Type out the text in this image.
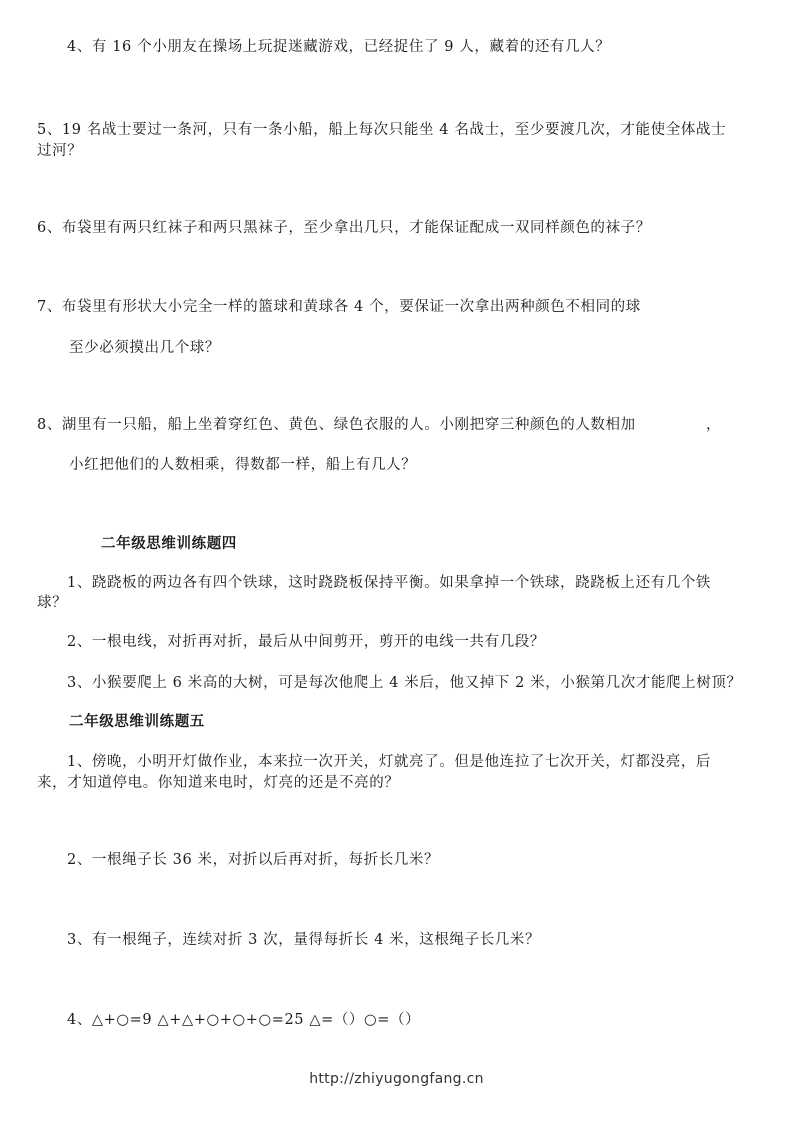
4、有 16 个小朋友在操场上玩捉迷藏游戏，已经捉住了 9 人，藏着的还有几人？
5、19 名战士要过一条河，只有一条小船，船上每次只能坐 4 名战士，至少要渡几次，才能使全体战士
过河？
6、布袋里有两只红袜子和两只黑袜子，至少拿出几只，才能保证配成一双同样颜色的袜子？
7、布袋里有形状大小完全一样的篮球和黄球各 4 个，要保证一次拿出两种颜色不相同的球
至少必须摸出几个球？
8、湖里有一只船，船上坐着穿红色、黄色、绿色衣服的人。小刚把穿三种颜色的人数相加	，
小红把他们的人数相乘，得数都一样，船上有几人？
二年级思维训练题四
1、跷跷板的两边各有四个铁球，这时跷跷板保持平衡。如果拿掉一个铁球，跷跷板上还有几个铁
球？
2、一根电线，对折再对折，最后从中间剪开，剪开的电线一共有几段？
3、小猴要爬上 6 米高的大树，可是每次他爬上 4 米后，他又掉下 2 米，小猴第几次才能爬上树顶？
二年级思维训练题五
1、傍晚，小明开灯做作业，本来拉一次开关，灯就亮了。但是他连拉了七次开关，灯都没亮，后
来，才知道停电。你知道来电时，灯亮的还是不亮的？
2、一根绳子长 36 米，对折以后再对折，每折长几米？
3、有一根绳子，连续对折 3 次，量得每折长 4 米，这根绳子长几米？
4、△+○=9 △+△+○+○+○=25 △=（）○=（）
http://zhiyugongfang.cn
